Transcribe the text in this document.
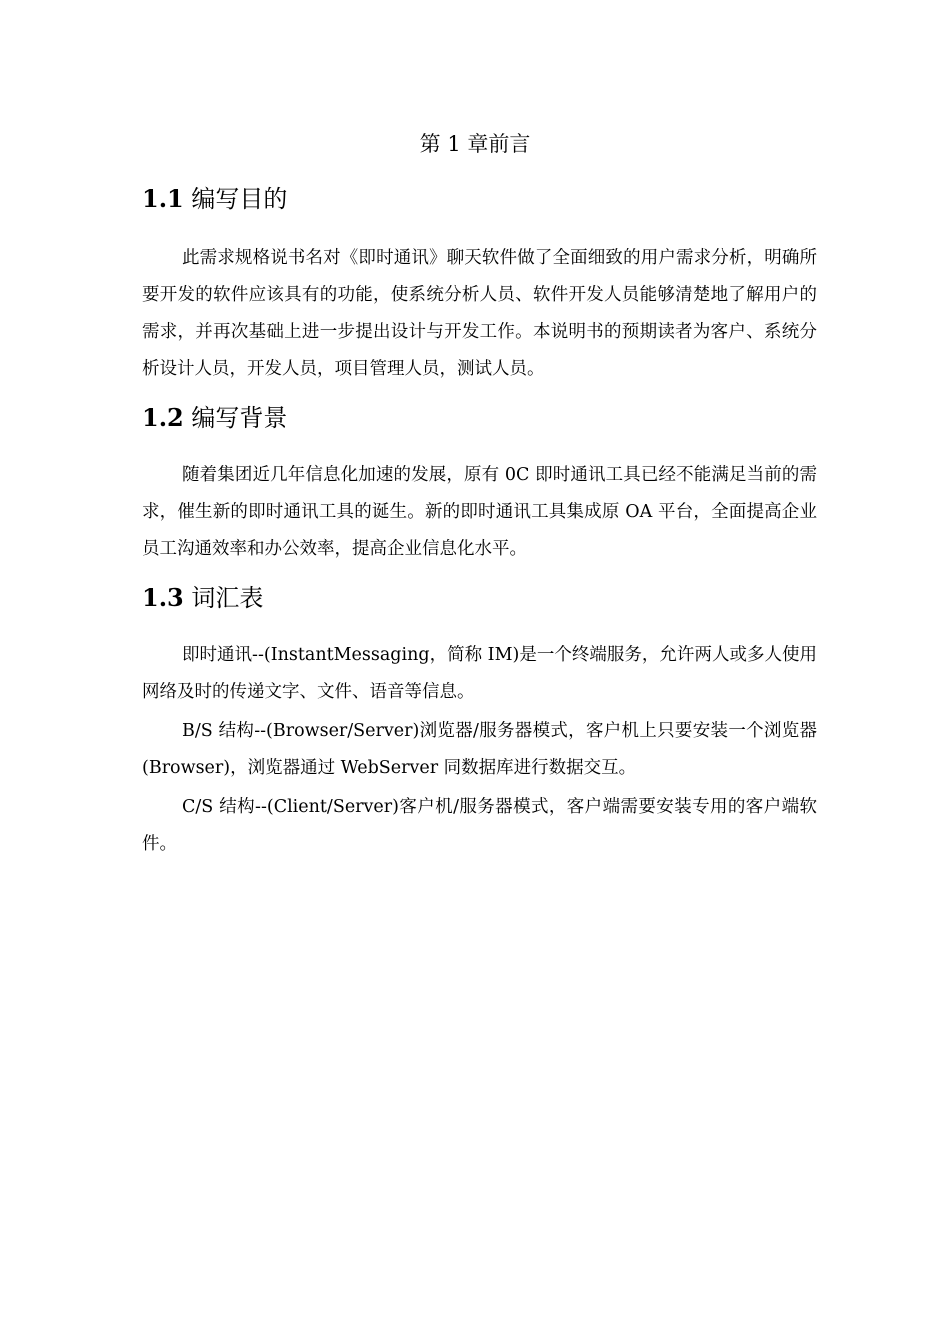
第 1 章前言
1.1 编写目的

此需求规格说书名对《即时通讯》聊天软件做了全面细致的用户需求分析，明确所要开发的软件应该具有的功能，使系统分析人员、软件开发人员能够清楚地了解用户的需求，并再次基础上进一步提出设计与开发工作。本说明书的预期读者为客户、系统分析设计人员，开发人员，项目管理人员，测试人员。

1.2 编写背景

随着集团近几年信息化加速的发展，原有 0C 即时通讯工具已经不能满足当前的需求，催生新的即时通讯工具的诞生。新的即时通讯工具集成原 OA 平台，全面提高企业员工沟通效率和办公效率，提高企业信息化水平。

1.3 词汇表

即时通讯--(InstantMessaging，简称 IM)是一个终端服务，允许两人或多人使用网络及时的传递文字、文件、语音等信息。

B/S 结构--(Browser/Server)浏览器/服务器模式，客户机上只要安装一个浏览器(Browser)，浏览器通过 WebServer 同数据库进行数据交互。

C/S 结构--(Client/Server)客户机/服务器模式，客户端需要安装专用的客户端软件。
